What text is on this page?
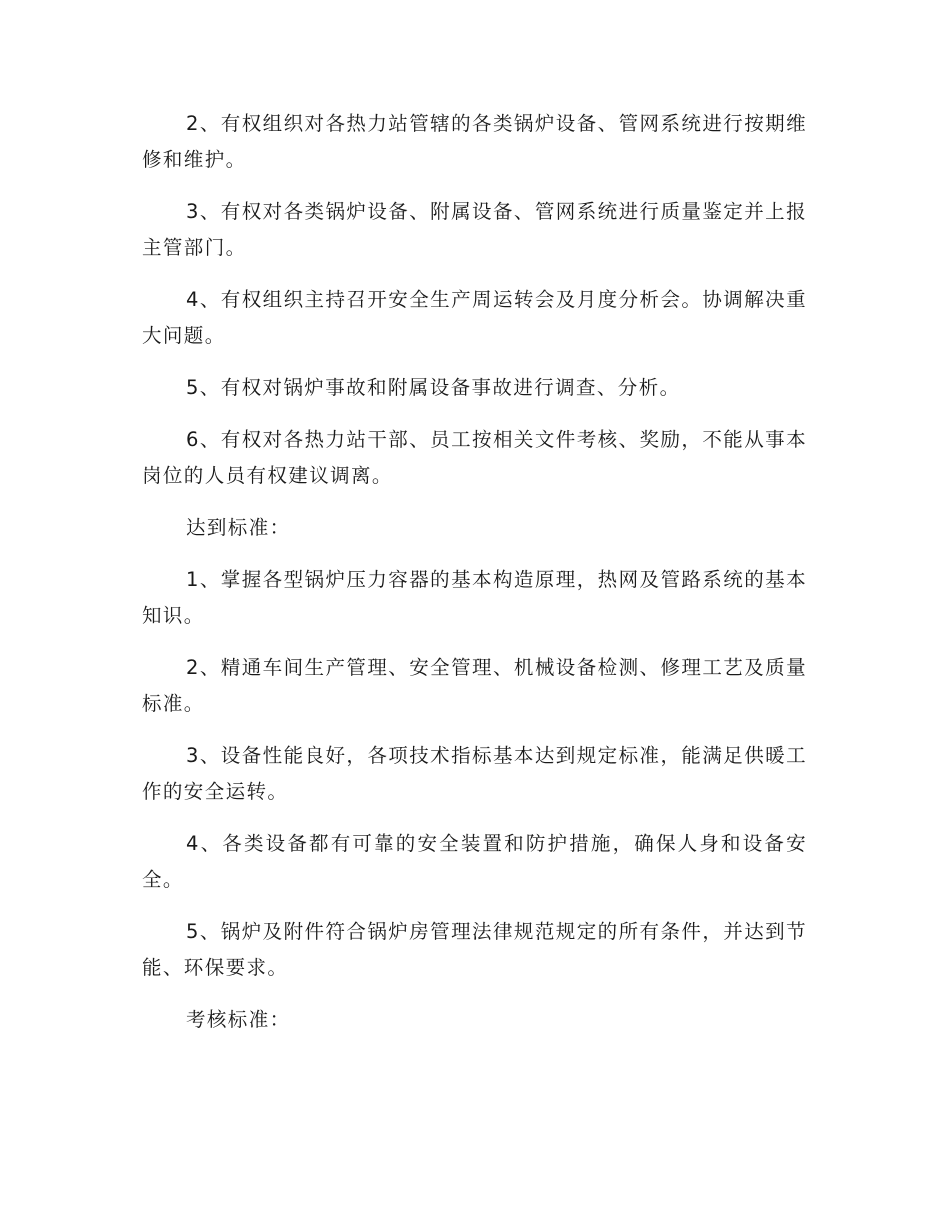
2、有权组织对各热力站管辖的各类锅炉设备、管网系统进行按期维修和维护。

3、有权对各类锅炉设备、附属设备、管网系统进行质量鉴定并上报主管部门。

4、有权组织主持召开安全生产周运转会及月度分析会。协调解决重大问题。

5、有权对锅炉事故和附属设备事故进行调查、分析。

6、有权对各热力站干部、员工按相关文件考核、奖励，不能从事本岗位的人员有权建议调离。

达到标准：

1、掌握各型锅炉压力容器的基本构造原理，热网及管路系统的基本知识。

2、精通车间生产管理、安全管理、机械设备检测、修理工艺及质量标准。

3、设备性能良好，各项技术指标基本达到规定标准，能满足供暖工作的安全运转。

4、各类设备都有可靠的安全装置和防护措施，确保人身和设备安全。

5、锅炉及附件符合锅炉房管理法律规范规定的所有条件，并达到节能、环保要求。

考核标准：
